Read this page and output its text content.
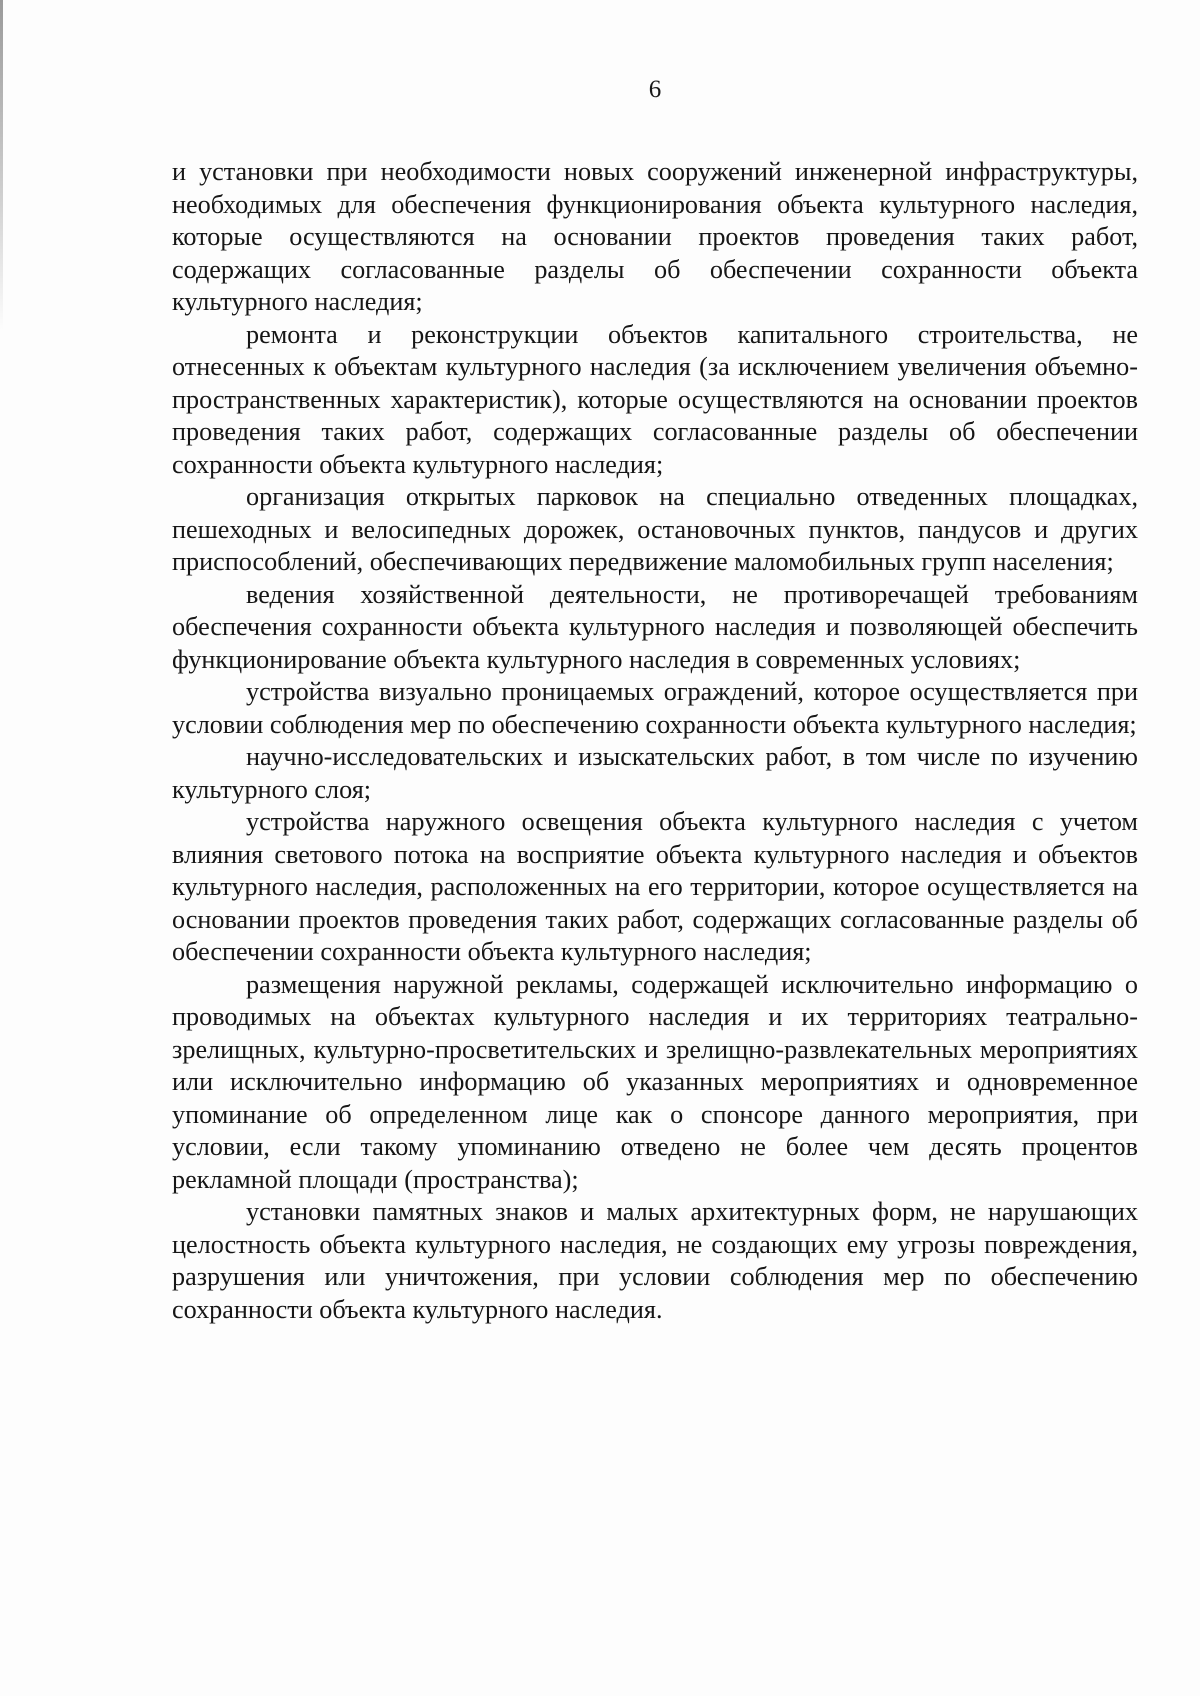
6

и установки при необходимости новых сооружений инженерной инфраструктуры, необходимых для обеспечения функционирования объекта культурного наследия, которые осуществляются на основании проектов проведения таких работ, содержащих согласованные разделы об обеспечении сохранности объекта культурного наследия;

ремонта и реконструкции объектов капитального строительства, не отнесенных к объектам культурного наследия (за исключением увеличения объемно-пространственных характеристик), которые осуществляются на основании проектов проведения таких работ, содержащих согласованные разделы об обеспечении сохранности объекта культурного наследия;

организация открытых парковок на специально отведенных площадках, пешеходных и велосипедных дорожек, остановочных пунктов, пандусов и других приспособлений, обеспечивающих передвижение маломобильных групп населения;

ведения хозяйственной деятельности, не противоречащей требованиям обеспечения сохранности объекта культурного наследия и позволяющей обеспечить функционирование объекта культурного наследия в современных условиях;

устройства визуально проницаемых ограждений, которое осуществляется при условии соблюдения мер по обеспечению сохранности объекта культурного наследия;

научно-исследовательских и изыскательских работ, в том числе по изучению культурного слоя;

устройства наружного освещения объекта культурного наследия с учетом влияния светового потока на восприятие объекта культурного наследия и объектов культурного наследия, расположенных на его территории, которое осуществляется на основании проектов проведения таких работ, содержащих согласованные разделы об обеспечении сохранности объекта культурного наследия;

размещения наружной рекламы, содержащей исключительно информацию о проводимых на объектах культурного наследия и их территориях театрально-зрелищных, культурно-просветительских и зрелищно-развлекательных мероприятиях или исключительно информацию об указанных мероприятиях и одновременное упоминание об определенном лице как о спонсоре данного мероприятия, при условии, если такому упоминанию отведено не более чем десять процентов рекламной площади (пространства);

установки памятных знаков и малых архитектурных форм, не нарушающих целостность объекта культурного наследия, не создающих ему угрозы повреждения, разрушения или уничтожения, при условии соблюдения мер по обеспечению сохранности объекта культурного наследия.
